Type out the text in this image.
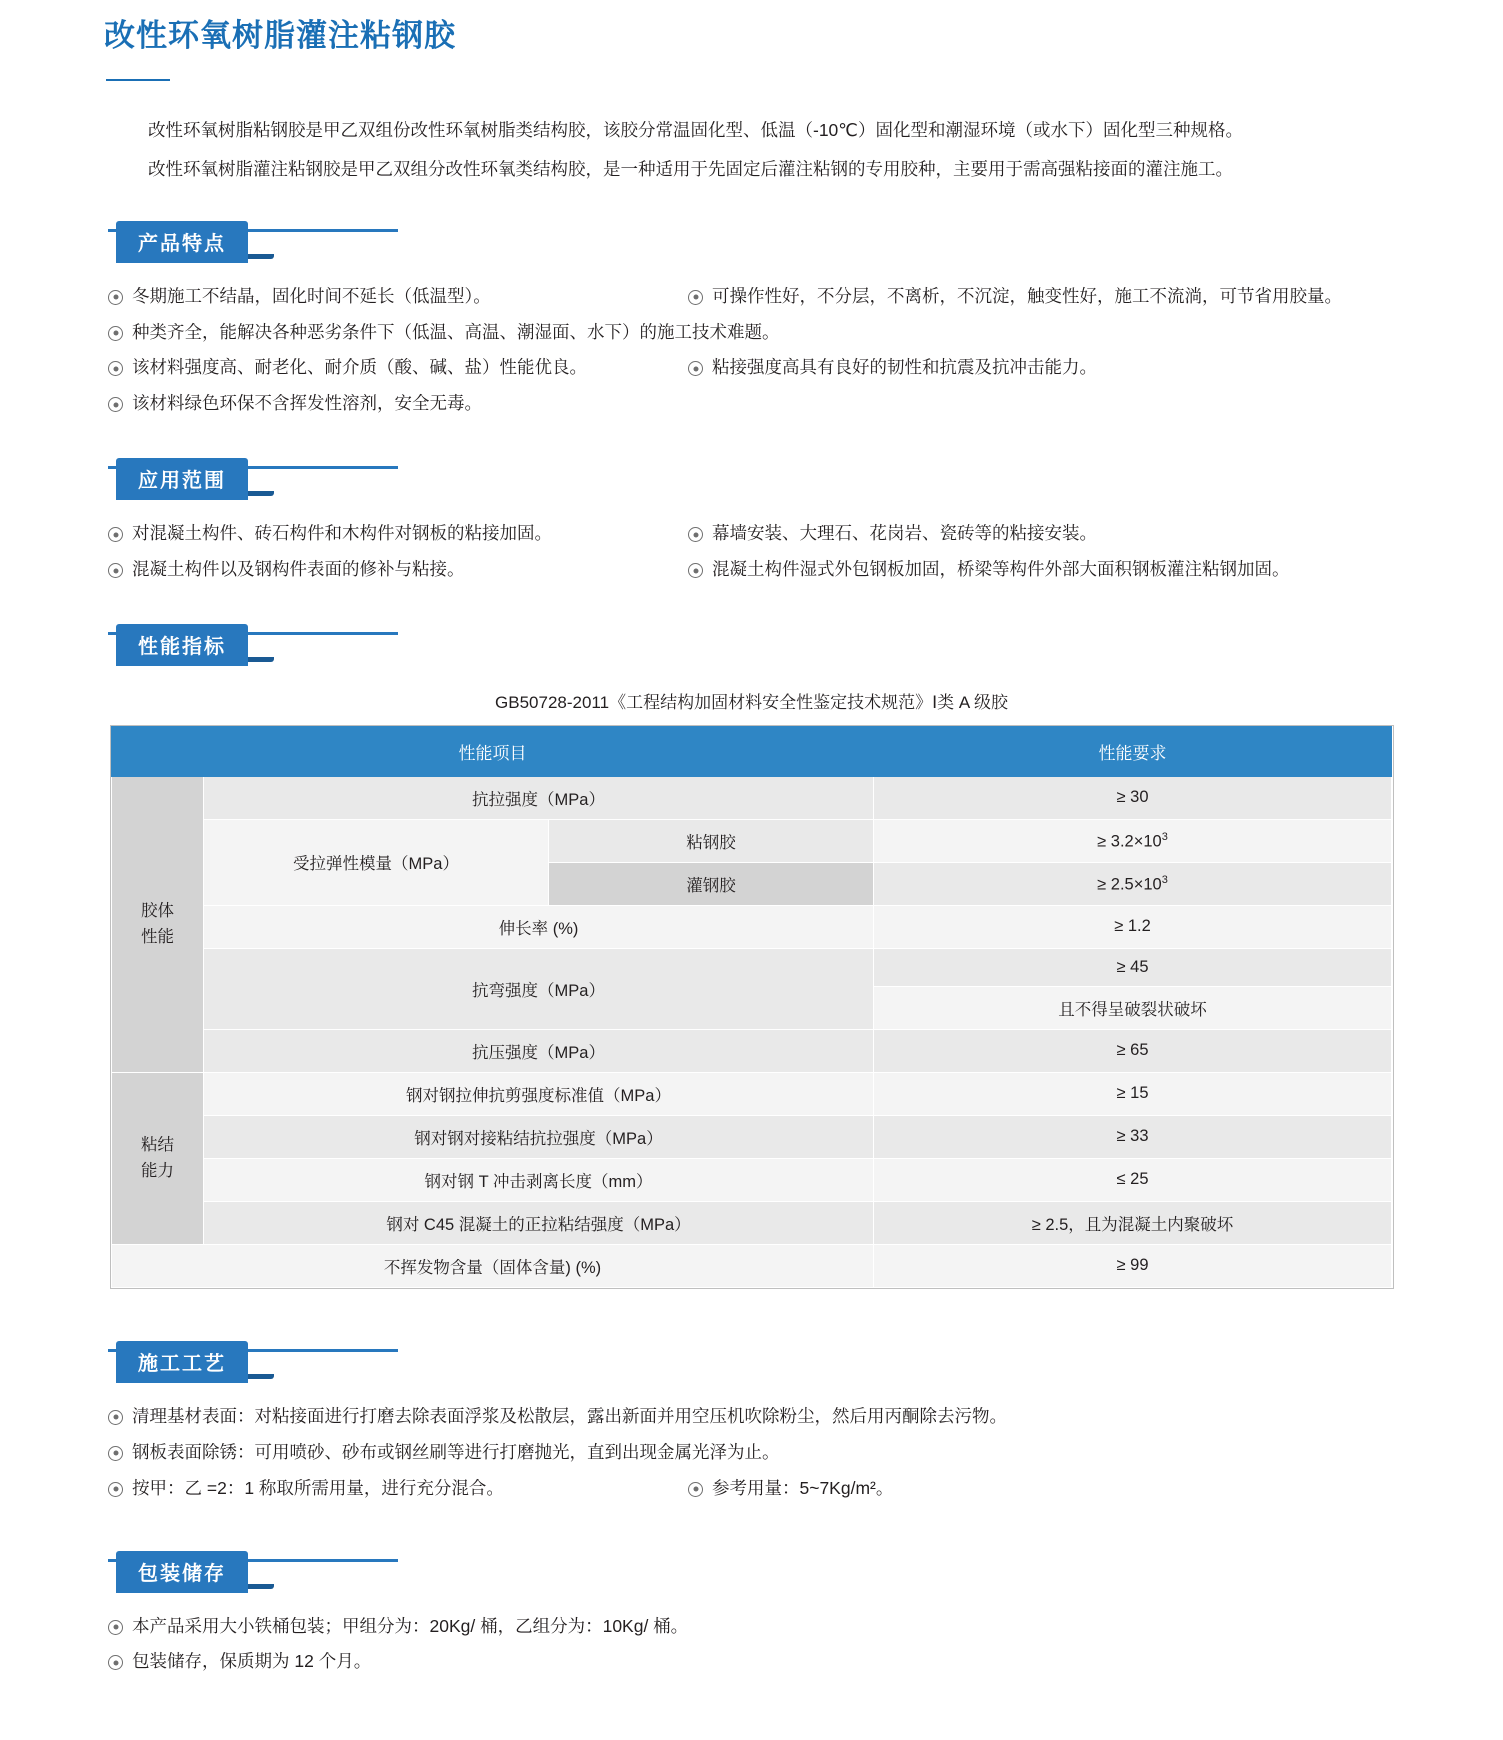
改性环氧树脂灌注粘钢胶

改性环氧树脂粘钢胶是甲乙双组份改性环氧树脂类结构胶，该胶分常温固化型、低温（-10℃）固化型和潮湿环境（或水下）固化型三种规格。

改性环氧树脂灌注粘钢胶是甲乙双组分改性环氧类结构胶，是一种适用于先固定后灌注粘钢的专用胶种，主要用于需高强粘接面的灌注施工。

产品特点
冬期施工不结晶，固化时间不延长（低温型）。	可操作性好，不分层，不离析，不沉淀，触变性好，施工不流淌，可节省用胶量。
种类齐全，能解决各种恶劣条件下（低温、高温、潮湿面、水下）的施工技术难题。
该材料强度高、耐老化、耐介质（酸、碱、盐）性能优良。	粘接强度高具有良好的韧性和抗震及抗冲击能力。
该材料绿色环保不含挥发性溶剂，安全无毒。
应用范围
对混凝土构件、砖石构件和木构件对钢板的粘接加固。	幕墙安装、大理石、花岗岩、瓷砖等的粘接安装。
混凝土构件以及钢构件表面的修补与粘接。	混凝土构件湿式外包钢板加固，桥梁等构件外部大面积钢板灌注粘钢加固。
性能指标
GB50728-2011《工程结构加固材料安全性鉴定技术规范》Ⅰ类 A 级胶
性能项目			性能要求
胶体
性能	抗拉强度（MPa）		≥ 30
	受拉弹性模量（MPa）	粘钢胶	≥ $3.2\times 10^3$
		灌钢胶	≥ $2.5\times 10^3$
	伸长率 (%)		≥ 1.2
	抗弯强度（MPa）		≥ 45
			且不得呈破裂状破坏
	抗压强度（MPa）		≥ 65
粘结
能力	钢对钢拉伸抗剪强度标准值（MPa）		≥ 15
	钢对钢对接粘结抗拉强度（MPa）		≥ 33
	钢对钢 T 冲击剥离长度（mm）		≤ 25
	钢对 C45 混凝土的正拉粘结强度（MPa）		≥ 2.5，且为混凝土内聚破坏
不挥发物含量（固体含量) (%)			≥ 99
施工工艺
清理基材表面：对粘接面进行打磨去除表面浮浆及松散层，露出新面并用空压机吹除粉尘，然后用丙酮除去污物。
钢板表面除锈：可用喷砂、砂布或钢丝刷等进行打磨抛光，直到出现金属光泽为止。
按甲：乙 =2：1 称取所需用量，进行充分混合。	参考用量：5~7Kg/m²。
包装储存
本产品采用大小铁桶包装；甲组分为：20Kg/ 桶，乙组分为：10Kg/ 桶。
包装储存，保质期为 12 个月。
